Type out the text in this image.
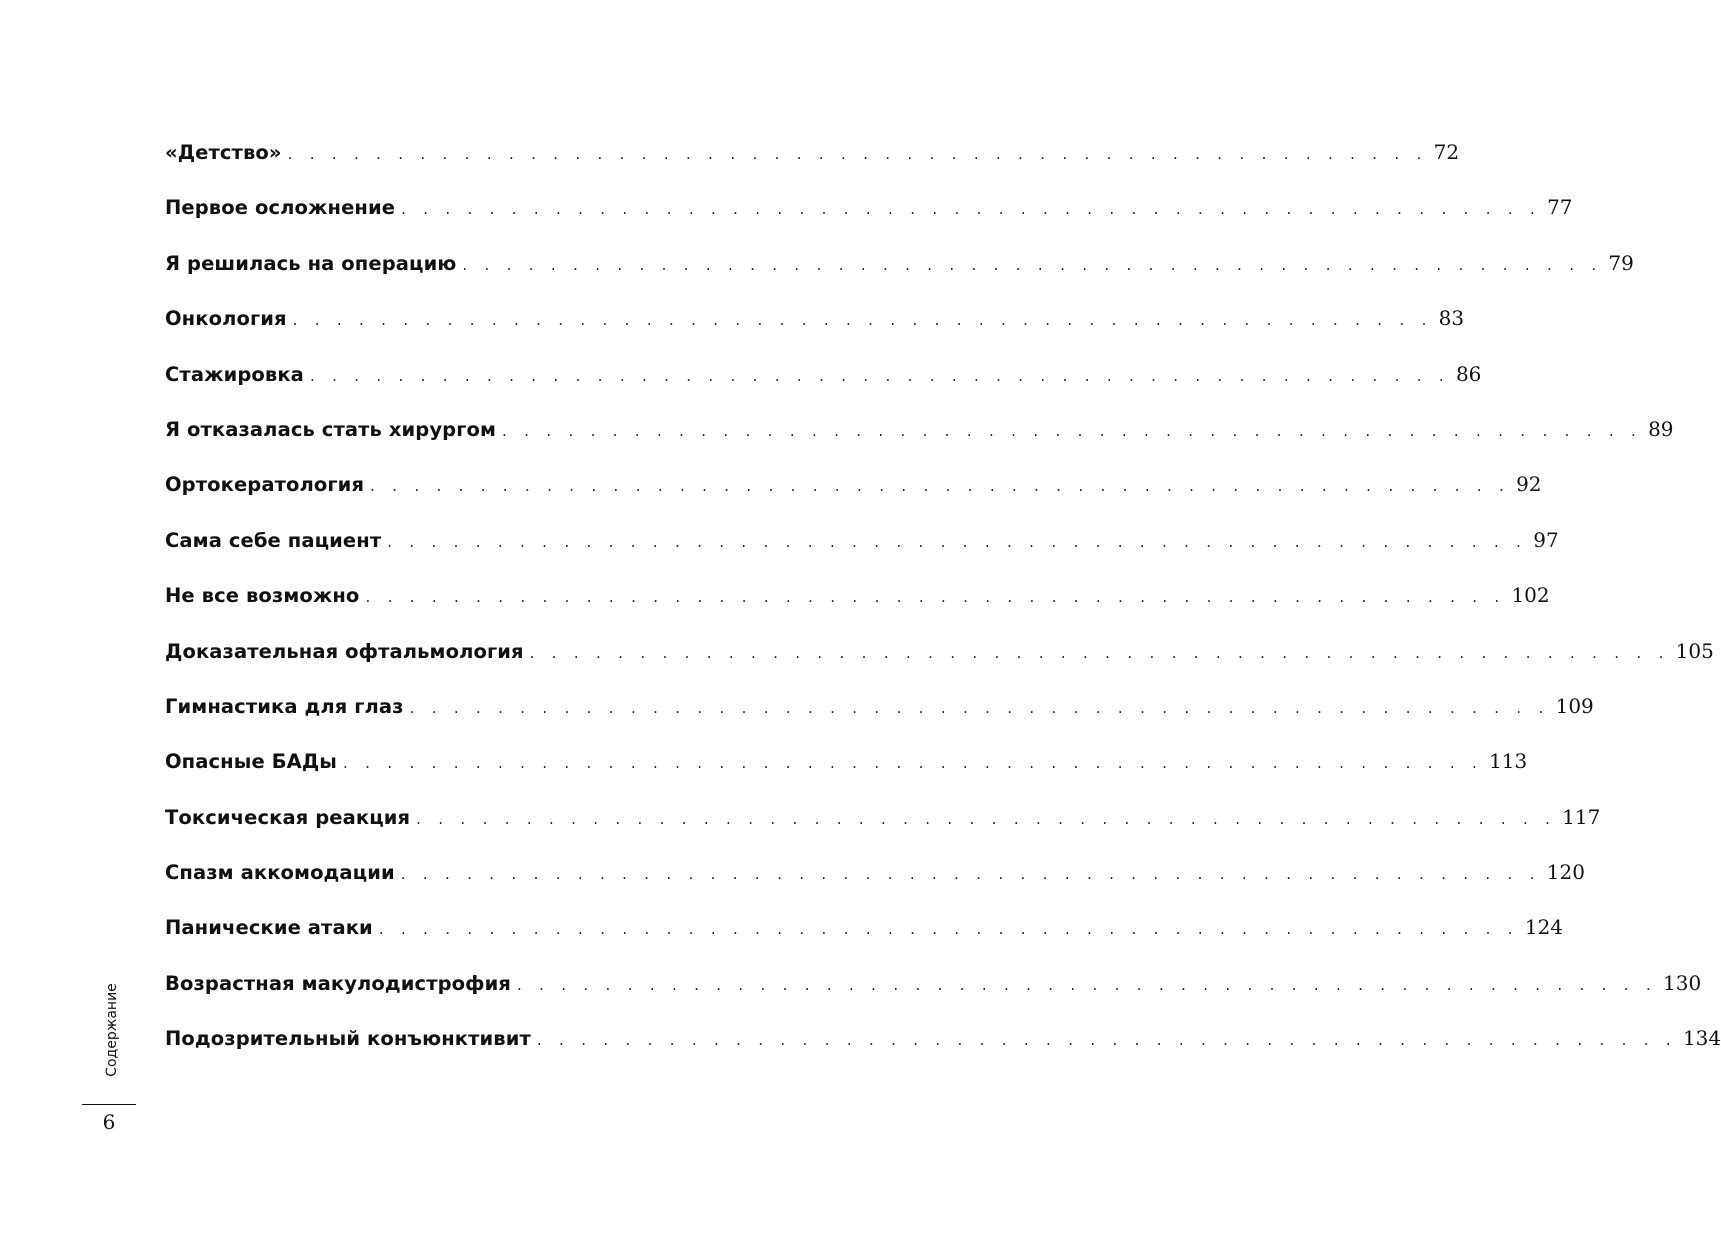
«Детство» . . . . . . . . . . . . . . . . . . . . . . . . . . . . . . . . . . . . . . . . . . . . . . . . . . . . 72
Первое осложнение . . . . . . . . . . . . . . . . . . . . . . . . . . . . . . . . . . . . . . . . . . . . . . . . . . . . 77
Я решилась на операцию . . . . . . . . . . . . . . . . . . . . . . . . . . . . . . . . . . . . . . . . . . . . . . . . . . . . 79
Онкология . . . . . . . . . . . . . . . . . . . . . . . . . . . . . . . . . . . . . . . . . . . . . . . . . . . . 83
Стажировка . . . . . . . . . . . . . . . . . . . . . . . . . . . . . . . . . . . . . . . . . . . . . . . . . . . . 86
Я отказалась стать хирургом . . . . . . . . . . . . . . . . . . . . . . . . . . . . . . . . . . . . . . . . . . . . . . . . . . . . 89
Ортокератология . . . . . . . . . . . . . . . . . . . . . . . . . . . . . . . . . . . . . . . . . . . . . . . . . . . . 92
Сама себе пациент . . . . . . . . . . . . . . . . . . . . . . . . . . . . . . . . . . . . . . . . . . . . . . . . . . . . 97
Не все возможно . . . . . . . . . . . . . . . . . . . . . . . . . . . . . . . . . . . . . . . . . . . . . . . . . . . . 102
Доказательная офтальмология . . . . . . . . . . . . . . . . . . . . . . . . . . . . . . . . . . . . . . . . . . . . . . . . . . . . 105
Гимнастика для глаз . . . . . . . . . . . . . . . . . . . . . . . . . . . . . . . . . . . . . . . . . . . . . . . . . . . . 109
Опасные БАДы . . . . . . . . . . . . . . . . . . . . . . . . . . . . . . . . . . . . . . . . . . . . . . . . . . . . 113
Токсическая реакция . . . . . . . . . . . . . . . . . . . . . . . . . . . . . . . . . . . . . . . . . . . . . . . . . . . . 117
Спазм аккомодации . . . . . . . . . . . . . . . . . . . . . . . . . . . . . . . . . . . . . . . . . . . . . . . . . . . . 120
Панические атаки . . . . . . . . . . . . . . . . . . . . . . . . . . . . . . . . . . . . . . . . . . . . . . . . . . . . 124
Возрастная макулодистрофия . . . . . . . . . . . . . . . . . . . . . . . . . . . . . . . . . . . . . . . . . . . . . . . . . . . . 130
Подозрительный конъюнктивит . . . . . . . . . . . . . . . . . . . . . . . . . . . . . . . . . . . . . . . . . . . . . . . . . . . . 134
Содержание
6
